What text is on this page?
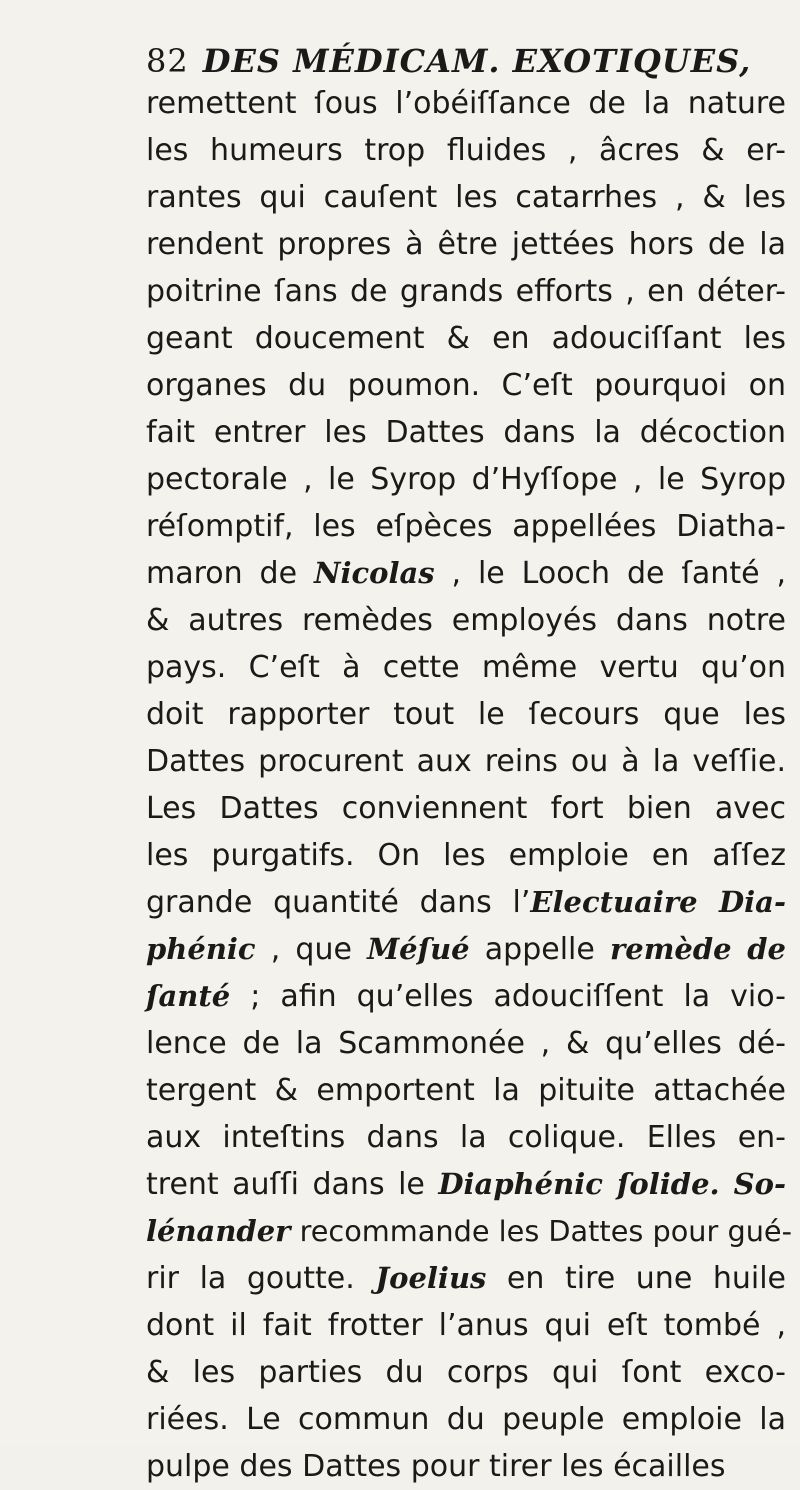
82 DES MÉDICAM. EXOTIQUES,
remettent ſous l’obéiſſance de la nature
les humeurs trop fluides , âcres & er-
rantes qui cauſent les catarrhes , & les
rendent propres à être jettées hors de la
poitrine ſans de grands efforts , en déter-
geant doucement & en adouciſſant les
organes du poumon. C’eſt pourquoi on
fait entrer les Dattes dans la décoction
pectorale , le Syrop d’Hyſſope , le Syrop
réſomptif, les eſpèces appellées Diatha-
maron de Nicolas , le Looch de ſanté ,
& autres remèdes employés dans notre
pays. C’eſt à cette même vertu qu’on
doit rapporter tout le ſecours que les
Dattes procurent aux reins ou à la veſſie.
Les Dattes conviennent fort bien avec
les purgatifs. On les emploie en aſſez
grande quantité dans l’Electuaire Dia-
phénic , que Méſué appelle remède de
ſanté ; afin qu’elles adouciſſent la vio-
lence de la Scammonée , & qu’elles dé-
tergent & emportent la pituite attachée
aux inteſtins dans la colique. Elles en-
trent auſſi dans le Diaphénic ſolide. So-
lénander recommande les Dattes pour gué-
rir la goutte. Joelius en tire une huile
dont il fait frotter l’anus qui eſt tombé ,
& les parties du corps qui ſont exco-
riées. Le commun du peuple emploie la
pulpe des Dattes pour tirer les écailles
